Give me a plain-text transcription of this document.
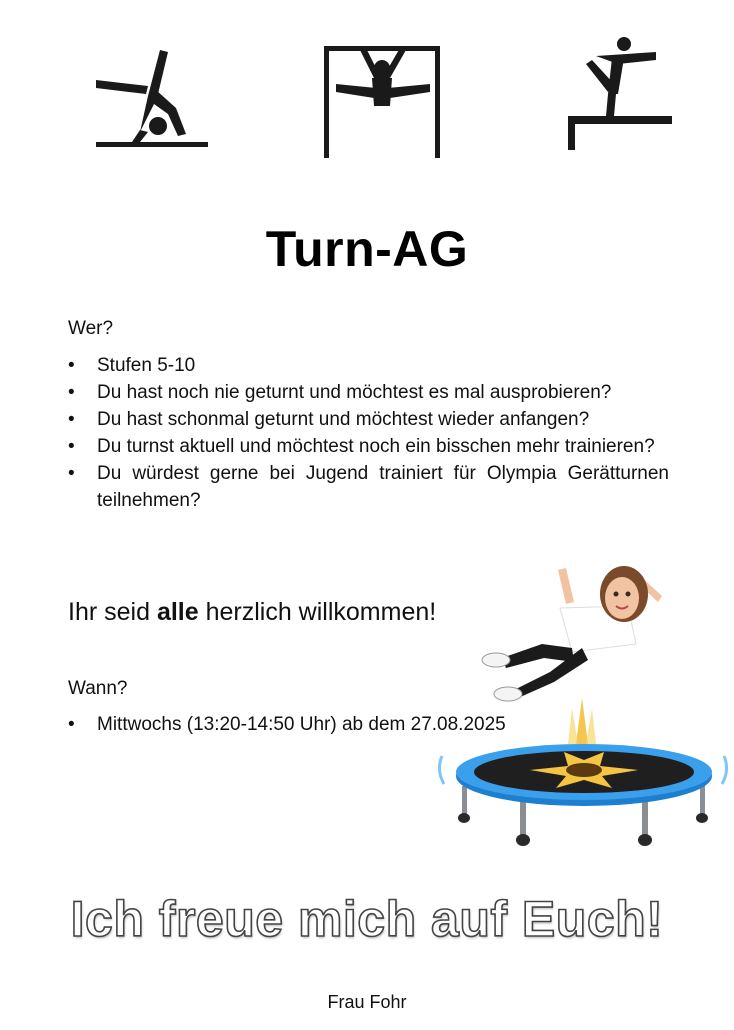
Turn-AG
Wer?
• Stufen 5-10
• Du hast noch nie geturnt und möchtest es mal ausprobieren?
• Du hast schonmal geturnt und möchtest wieder anfangen?
• Du turnst aktuell und möchtest noch ein bisschen mehr trainieren?
• Du würdest gerne bei Jugend trainiert für Olympia Gerätturnen teilnehmen?
Ihr seid alle herzlich willkommen!
Wann?
• Mittwochs (13:20-14:50 Uhr) ab dem 27.08.2025
Ich freue mich auf Euch!
Frau Fohr
